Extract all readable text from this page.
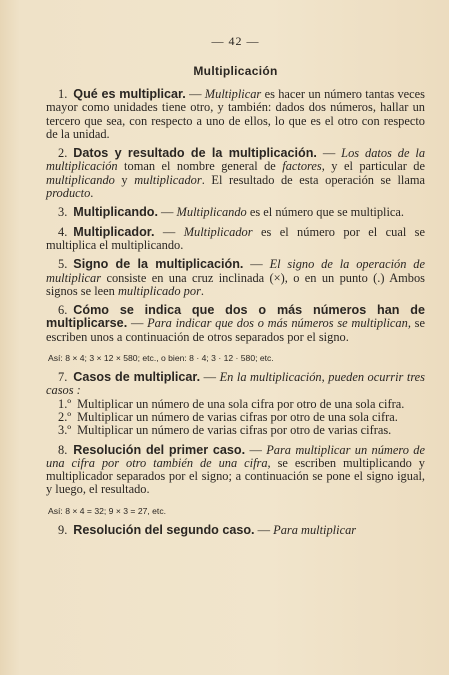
— 42 —
Multiplicación

1. Qué es multiplicar. — Multiplicar es hacer un número tantas veces mayor como unidades tiene otro, y también: dados dos números, hallar un tercero que sea, con respecto a uno de ellos, lo que es el otro con respecto de la unidad.

2. Datos y resultado de la multiplicación. — Los datos de la multiplicación toman el nombre general de factores, y el particular de multiplicando y multiplicador. El resultado de esta operación se llama producto.

3. Multiplicando. — Multiplicando es el número que se multiplica.

4. Multiplicador. — Multiplicador es el número por el cual se multiplica el multiplicando.

5. Signo de la multiplicación. — El signo de la operación de multiplicar consiste en una cruz inclinada (×), o en un punto (.) Ambos signos se leen multiplicado por.

6. Cómo se indica que dos o más números han de multiplicarse. — Para indicar que dos o más números se multiplican, se escriben unos a continuación de otros separados por el signo.

Así: 8 × 4; 3 × 12 × 580; etc., o bien: 8 · 4; 3 · 12 · 580; etc.

7. Casos de multiplicar. — En la multiplicación, pueden ocurrir tres casos :

1.º Multiplicar un número de una sola cifra por otro de una sola cifra.

2.º Multiplicar un número de varias cifras por otro de una sola cifra.

3.º Multiplicar un número de varias cifras por otro de varias cifras.

8. Resolución del primer caso. — Para multiplicar un número de una cifra por otro también de una cifra, se escriben multiplicando y multiplicador separados por el signo; a continuación se pone el signo igual, y luego, el resultado.

Así: 8 × 4 = 32; 9 × 3 = 27, etc.

9. Resolución del segundo caso. — Para multiplicar
